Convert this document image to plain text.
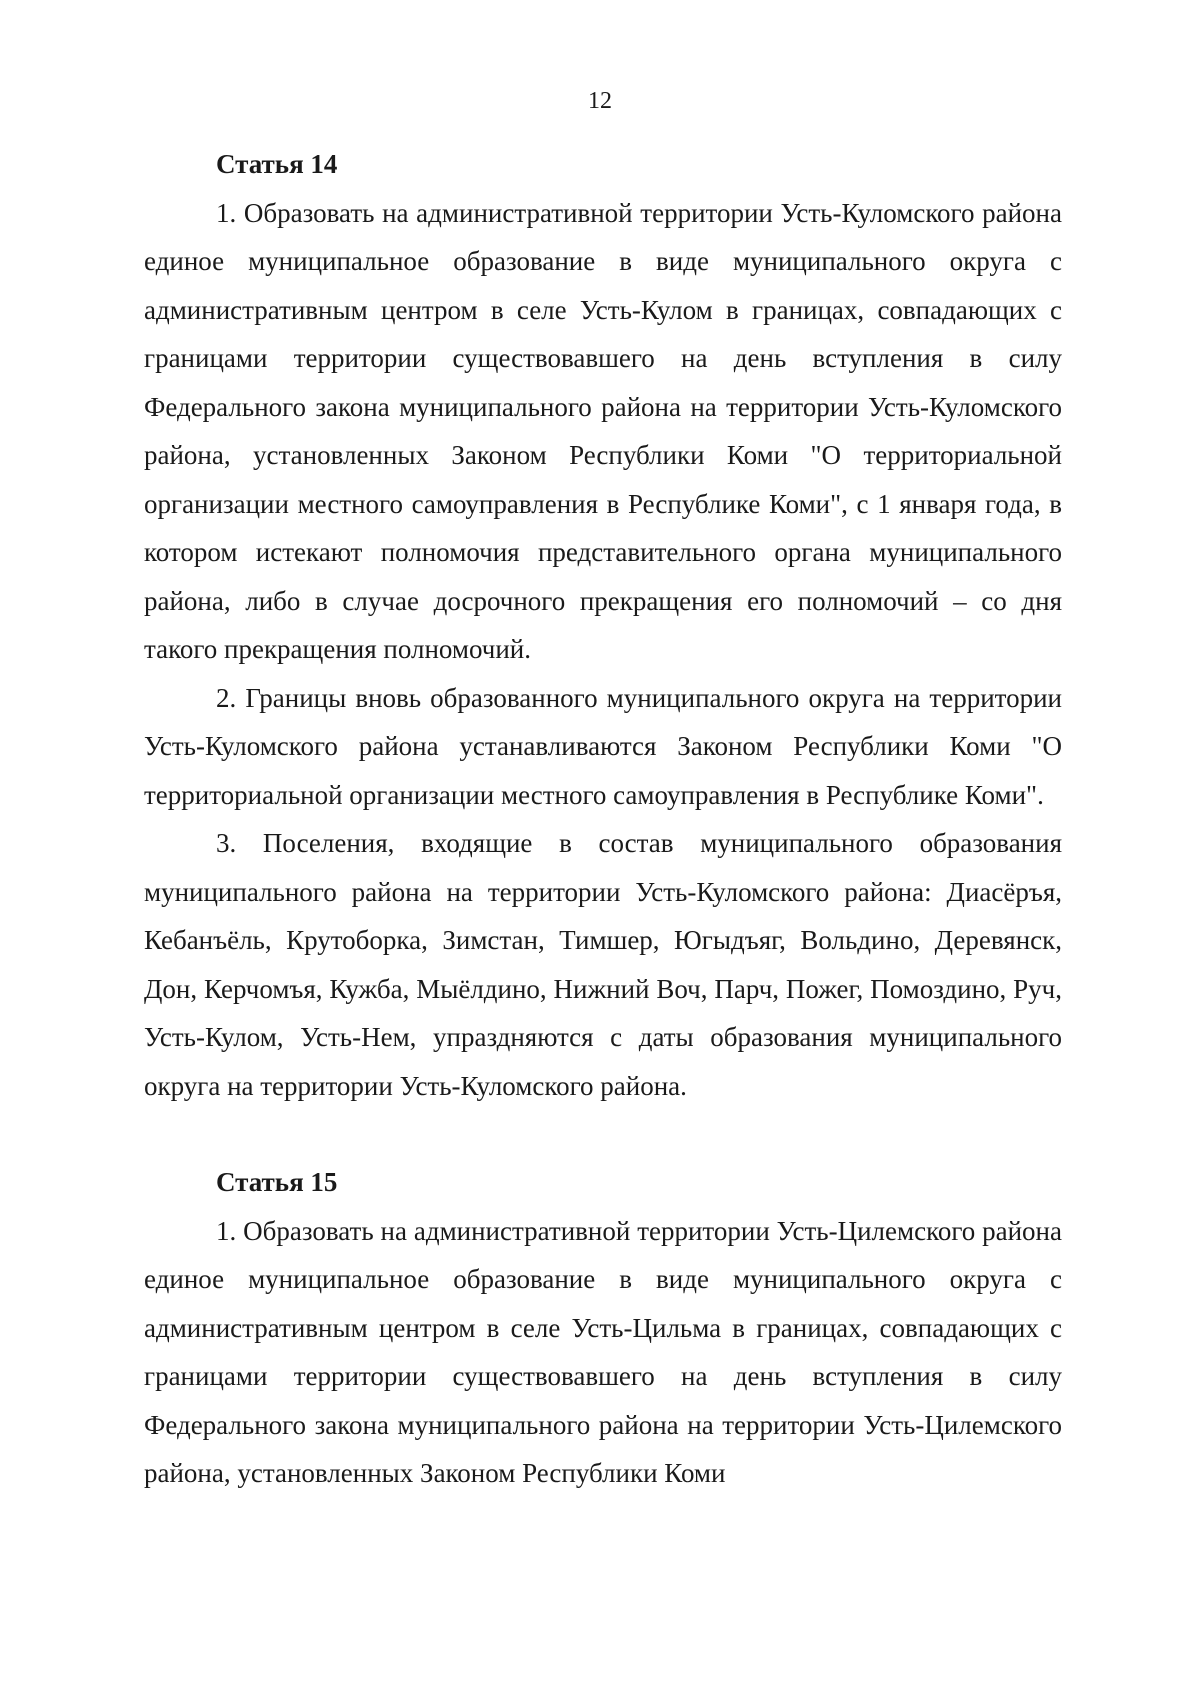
12
Статья 14

1. Образовать на административной территории Усть-Куломского района единое муниципальное образование в виде муниципального округа с административным центром в селе Усть-Кулом в границах, совпадающих с границами территории существовавшего на день вступления в силу Федерального закона муниципального района на территории Усть-Куломского района, установленных Законом Республики Коми "О территориальной организации местного самоуправления в Республике Коми", с 1 января года, в котором истекают полномочия представительного органа муниципального района, либо в случае досрочного прекращения его полномочий – со дня такого прекращения полномочий.

2. Границы вновь образованного муниципального округа на территории Усть-Куломского района устанавливаются Законом Республики Коми "О территориальной организации местного самоуправления в Республике Коми".

3. Поселения, входящие в состав муниципального образования муниципального района на территории Усть-Куломского района: Диасёръя, Кебанъёль, Крутоборка, Зимстан, Тимшер, Югыдъяг, Вольдино, Деревянск, Дон, Керчомъя, Кужба, Мыёлдино, Нижний Воч, Парч, Пожег, Помоздино, Руч, Усть-Кулом, Усть-Нем, упраздняются с даты образования муниципального округа на территории Усть-Куломского района.

Статья 15

1. Образовать на административной территории Усть-Цилемского района единое муниципальное образование в виде муниципального округа с административным центром в селе Усть-Цильма в границах, совпадающих с границами территории существовавшего на день вступления в силу Федерального закона муниципального района на территории Усть-Цилемского района, установленных Законом Республики Коми
